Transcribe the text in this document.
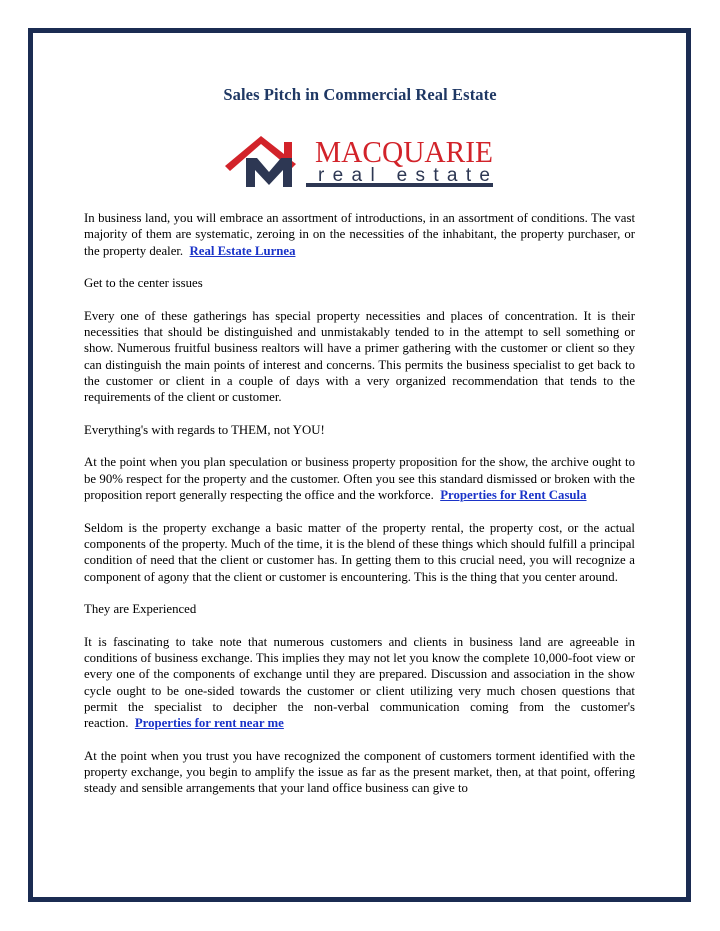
Sales Pitch in Commercial Real Estate
MACQUARIE
real estate

In business land, you will embrace an assortment of introductions, in an assortment of conditions. The vast majority of them are systematic, zeroing in on the necessities of the inhabitant, the property purchaser, or the property dealer. Real Estate Lurnea

Get to the center issues

Every one of these gatherings has special property necessities and places of concentration. It is their necessities that should be distinguished and unmistakably tended to in the attempt to sell something or show. Numerous fruitful business realtors will have a primer gathering with the customer or client so they can distinguish the main points of interest and concerns. This permits the business specialist to get back to the customer or client in a couple of days with a very organized recommendation that tends to the requirements of the client or customer.

Everything's with regards to THEM, not YOU!

At the point when you plan speculation or business property proposition for the show, the archive ought to be 90% respect for the property and the customer. Often you see this standard dismissed or broken with the proposition report generally respecting the office and the workforce. Properties for Rent Casula

Seldom is the property exchange a basic matter of the property rental, the property cost, or the actual components of the property. Much of the time, it is the blend of these things which should fulfill a principal condition of need that the client or customer has. In getting them to this crucial need, you will recognize a component of agony that the client or customer is encountering. This is the thing that you center around.

They are Experienced

It is fascinating to take note that numerous customers and clients in business land are agreeable in conditions of business exchange. This implies they may not let you know the complete 10,000-foot view or every one of the components of exchange until they are prepared. Discussion and association in the show cycle ought to be one-sided towards the customer or client utilizing very much chosen questions that permit the specialist to decipher the non-verbal communication coming from the customer's reaction. Properties for rent near me

At the point when you trust you have recognized the component of customers torment identified with the property exchange, you begin to amplify the issue as far as the present market, then, at that point, offering steady and sensible arrangements that your land office business can give to
